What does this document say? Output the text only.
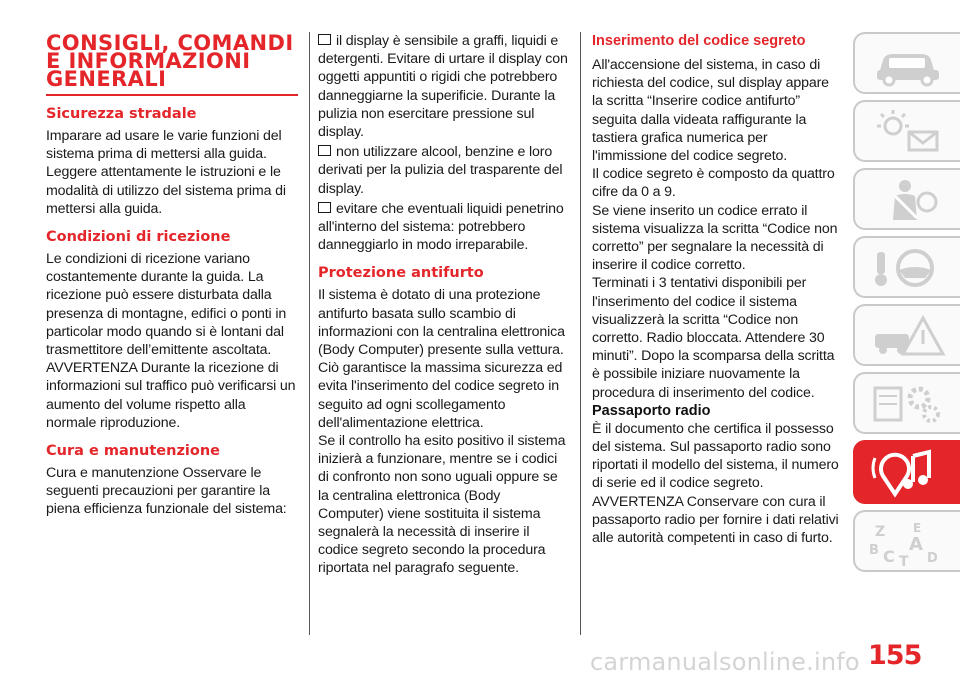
CONSIGLI, COMANDI E INFORMAZIONI GENERALI
Sicurezza stradale

Imparare ad usare le varie funzioni del sistema prima di mettersi alla guida. Leggere attentamente le istruzioni e le modalità di utilizzo del sistema prima di mettersi alla guida.

Condizioni di ricezione

Le condizioni di ricezione variano costantemente durante la guida. La ricezione può essere disturbata dalla presenza di montagne, edifici o ponti in particolar modo quando si è lontani dal trasmettitore dell’emittente ascoltata.

AVVERTENZA Durante la ricezione di informazioni sul traffico può verificarsi un aumento del volume rispetto alla normale riproduzione.

Cura e manutenzione

Cura e manutenzione Osservare le seguenti precauzioni per garantire la piena efficienza funzionale del sistema:

il display è sensibile a graffi, liquidi e detergenti. Evitare di urtare il display con oggetti appuntiti o rigidi che potrebbero danneggiarne la superificie. Durante la pulizia non esercitare pressione sul display.

non utilizzare alcool, benzine e loro derivati per la pulizia del trasparente del display.

evitare che eventuali liquidi penetrino all'interno del sistema: potrebbero danneggiarlo in modo irreparabile.

Protezione antifurto

Il sistema è dotato di una protezione antifurto basata sullo scambio di informazioni con la centralina elettronica (Body Computer) presente sulla vettura.

Ciò garantisce la massima sicurezza ed evita l'inserimento del codice segreto in seguito ad ogni scollegamento dell'alimentazione elettrica.

Se il controllo ha esito positivo il sistema inizierà a funzionare, mentre se i codici di confronto non sono uguali oppure se la centralina elettronica (Body Computer) viene sostituita il sistema segnalerà la necessità di inserire il codice segreto secondo la procedura riportata nel paragrafo seguente.

Inserimento del codice segreto

All'accensione del sistema, in caso di richiesta del codice, sul display appare la scritta “Inserire codice antifurto” seguita dalla videata raffigurante la tastiera grafica numerica per l'immissione del codice segreto.

Il codice segreto è composto da quattro cifre da 0 a 9.

Se viene inserito un codice errato il sistema visualizza la scritta “Codice non corretto” per segnalare la necessità di inserire il codice corretto.

Terminati i 3 tentativi disponibili per l'inserimento del codice il sistema visualizzerà la scritta “Codice non corretto. Radio bloccata. Attendere 30 minuti”. Dopo la scomparsa della scritta è possibile iniziare nuovamente la procedura di inserimento del codice.

Passaporto radio

È il documento che certifica il possesso del sistema. Sul passaporto radio sono riportati il modello del sistema, il numero di serie ed il codice segreto.

AVVERTENZA Conservare con cura il passaporto radio per fornire i dati relativi alle autorità competenti in caso di furto.	Z E
B A
C D
T
155
carmanualsonline.info
